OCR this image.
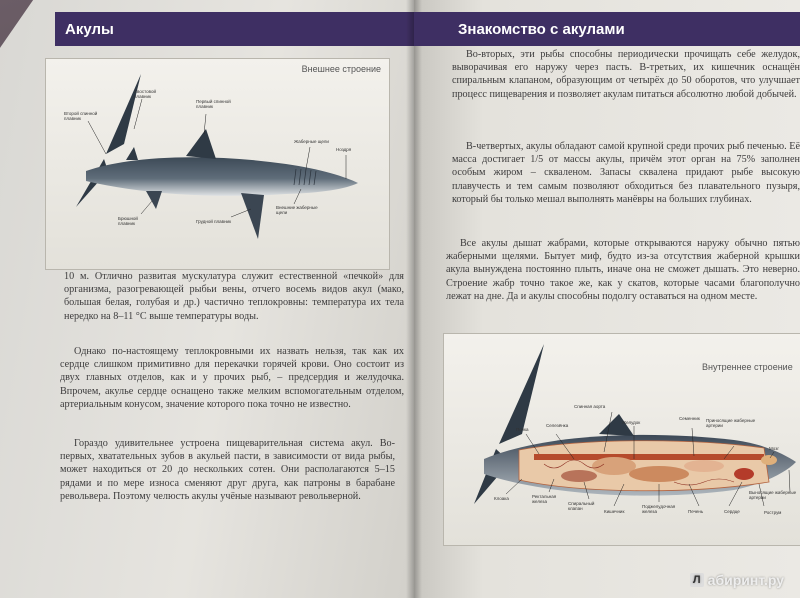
Акулы
Внешнее строение
Второй спинной плавник
Хвостовой плавник
Первый спинной плавник
Жаберные щели
Ноздря
Брюшной плавник	Грудной плавник
Внешние жаберные щели

10 м. Отлично развитая мускулатура служит естественной «печкой» для организма, разогревающей рыбьи вены, отчего восемь видов акул (мако, большая белая, голубая и др.) частично теплокровны: температура их тела нередко на 8–11 °С выше температуры воды.

Однако по-настоящему теплокровными их назвать нельзя, так как их сердце слишком примитивно для перекачки горячей крови. Оно состоит из двух главных отделов, как и у прочих рыб, – предсердия и желудочка. Впрочем, акулье сердце оснащено также мелким вспомогательным отделом, артериальным конусом, значение которого пока точно не известно.

Гораздо удивительнее устроена пищеварительная система акул. Во-первых, хватательных зубов в акульей пасти, в зависимости от вида рыбы, может находиться от 20 до нескольких сотен. Они располагаются 5–15 рядами и по мере износа сменяют друг друга, как патроны в барабане револьвера. Поэтому челюсть акулы учёные называют револьверной.

Знакомство с акулами

Во-вторых, эти рыбы способны периодически прочищать себе желудок, выворачивая его наружу через пасть. В-третьих, их кишечник оснащён спиральным клапаном, образующим от четырёх до 50 оборотов, что улучшает процесс пищеварения и позволяет акулам питаться абсолютно любой добычей.

В-четвертых, акулы обладают самой крупной среди прочих рыб печенью. Её масса достигает 1/5 от массы акулы, причём этот орган на 75% заполнен особым жиром – скваленом. Запасы сквалена придают рыбе высокую плавучесть и тем самым позволяют обходиться без плавательного пузыря, который бы только мешал выполнять манёвры на больших глубинах.

Все акулы дышат жабрами, которые открываются наружу обычно пятью жаберными щелями. Бытует миф, будто из-за отсутствия жаберной крышки акула вынуждена постоянно плыть, иначе она не сможет дышать. Это неверно. Строение жабр точно такое же, как у скатов, которые часами благополучно лежат на дне. Да и акулы способны подолгу оставаться на одном месте.

Внутреннее строение
Спинная аорта
Почка
Селезёнка
Желудок
Семенник Приносящие жаберные артерии
Мозг
Клоака	Ректальная железа	Спиральный клапан
Кишечник
Поджелудочная железа	Печень	Сердце
Выносящие жаберные артерии
Рострум
Л абиринт.ру
